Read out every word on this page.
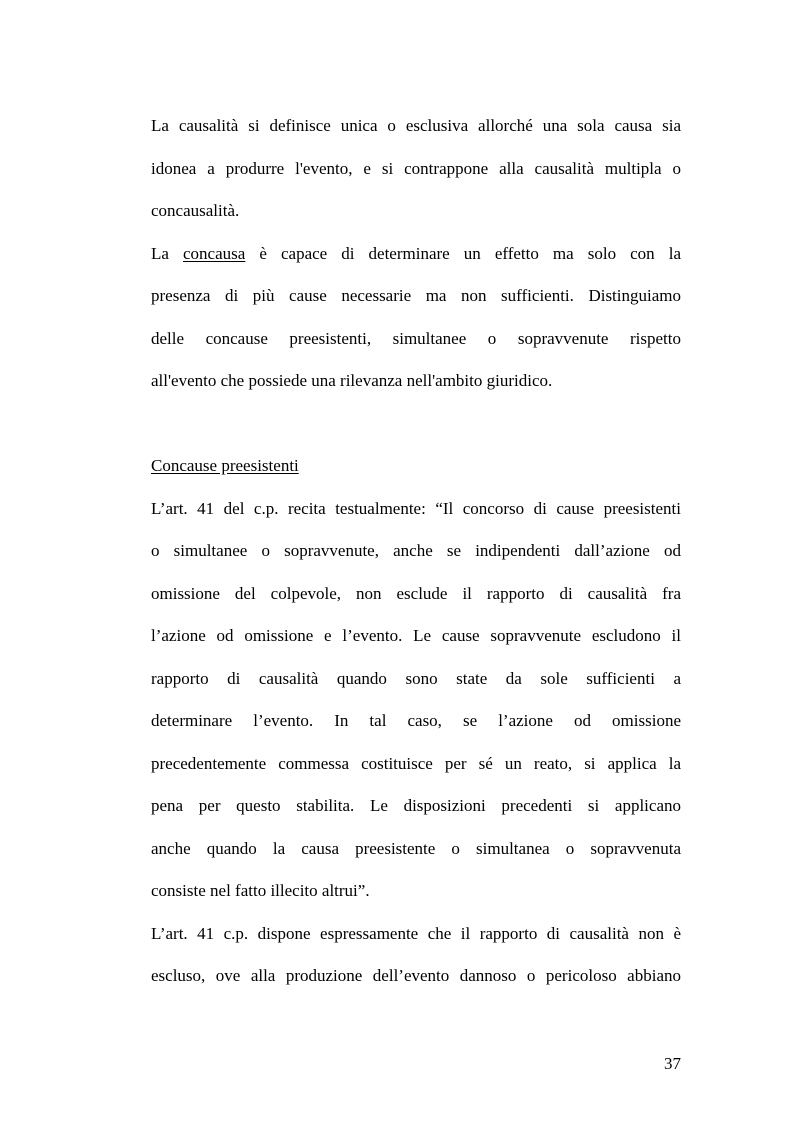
La causalità si definisce unica o esclusiva allorché una sola causa sia
idonea a produrre l'evento, e si contrappone alla causalità multipla o
concausalità.
La concausa è capace di determinare un effetto ma solo con la
presenza di più cause necessarie ma non sufficienti. Distinguiamo
delle concause preesistenti, simultanee o sopravvenute rispetto
all'evento che possiede una rilevanza nell'ambito giuridico.
Concause preesistenti
L’art. 41 del c.p. recita testualmente: “Il concorso di cause preesistenti
o simultanee o sopravvenute, anche se indipendenti dall’azione od
omissione del colpevole, non esclude il rapporto di causalità fra
l’azione od omissione e l’evento. Le cause sopravvenute escludono il
rapporto di causalità quando sono state da sole sufficienti a
determinare l’evento. In tal caso, se l’azione od omissione
precedentemente commessa costituisce per sé un reato, si applica la
pena per questo stabilita. Le disposizioni precedenti si applicano
anche quando la causa preesistente o simultanea o sopravvenuta
consiste nel fatto illecito altrui”.
L’art. 41 c.p. dispone espressamente che il rapporto di causalità non è
escluso, ove alla produzione dell’evento dannoso o pericoloso abbiano
37
